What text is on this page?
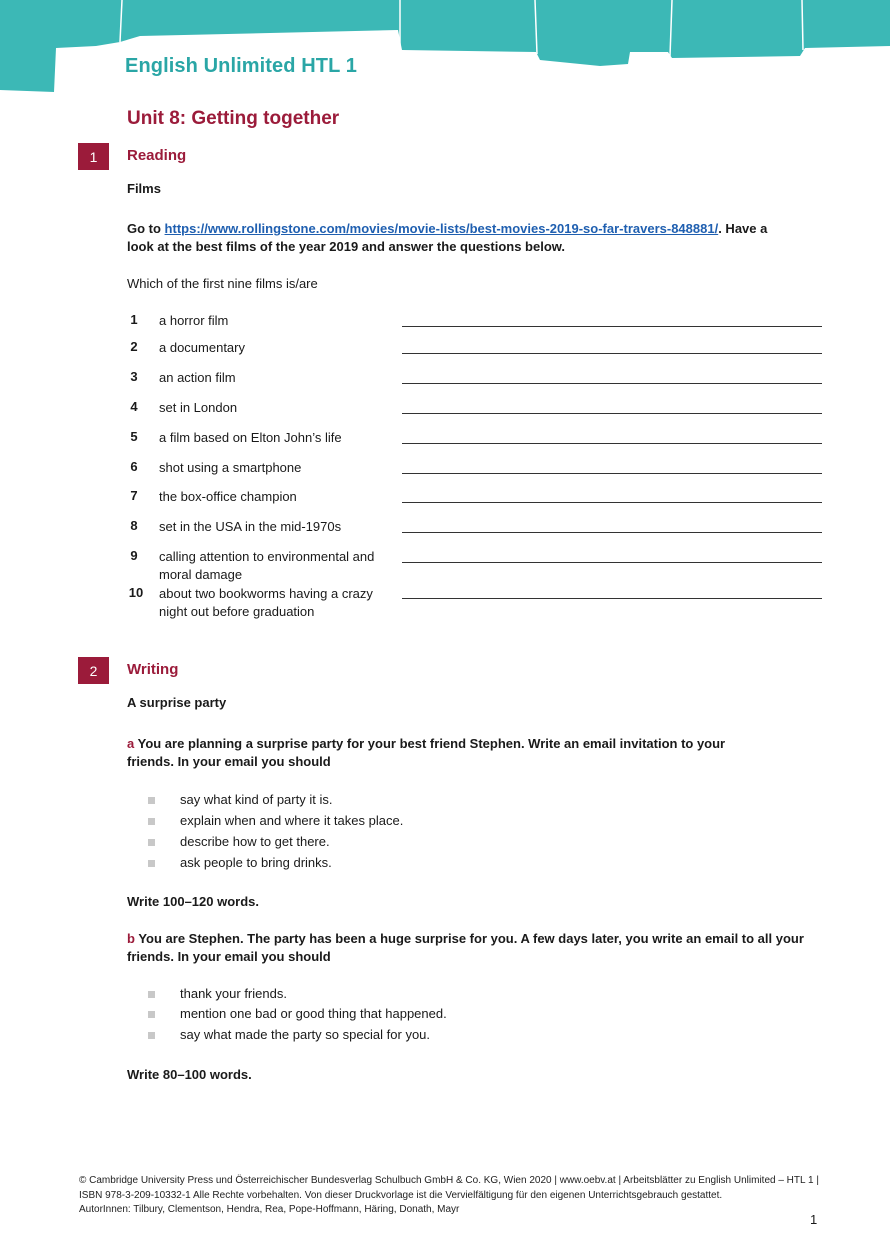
English Unlimited HTL 1
Unit 8: Getting together
1	Reading
Films
Go to https://www.rollingstone.com/movies/movie-lists/best-movies-2019-so-far-travers-848881/. Have a look at the best films of the year 2019 and answer the questions below.
Which of the first nine films is/are
1 a horror film
2 a documentary
3 an action film
4 set in London
5 a film based on Elton John’s life
6 shot using a smartphone
7 the box-office champion
8 set in the USA in the mid-1970s
9 calling attention to environmental and moral damage
10 about two bookworms having a crazy night out before graduation
2	Writing
A surprise party
a You are planning a surprise party for your best friend Stephen. Write an email invitation to your friends. In your email you should
say what kind of party it is.
explain when and where it takes place.
describe how to get there.
ask people to bring drinks.
Write 100–120 words.
b You are Stephen. The party has been a huge surprise for you. A few days later, you write an email to all your friends. In your email you should
thank your friends.
mention one bad or good thing that happened.
say what made the party so special for you.
Write 80–100 words.
© Cambridge University Press und Österreichischer Bundesverlag Schulbuch GmbH & Co. KG, Wien 2020 | www.oebv.at | Arbeitsblätter zu English Unlimited – HTL 1 | ISBN 978-3-209-10332-1 Alle Rechte vorbehalten. Von dieser Druckvorlage ist die Vervielfältigung für den eigenen Unterrichtsgebrauch gestattet.
AutorInnen: Tilbury, Clementson, Hendra, Rea, Pope-Hoffmann, Häring, Donath, Mayr
1
